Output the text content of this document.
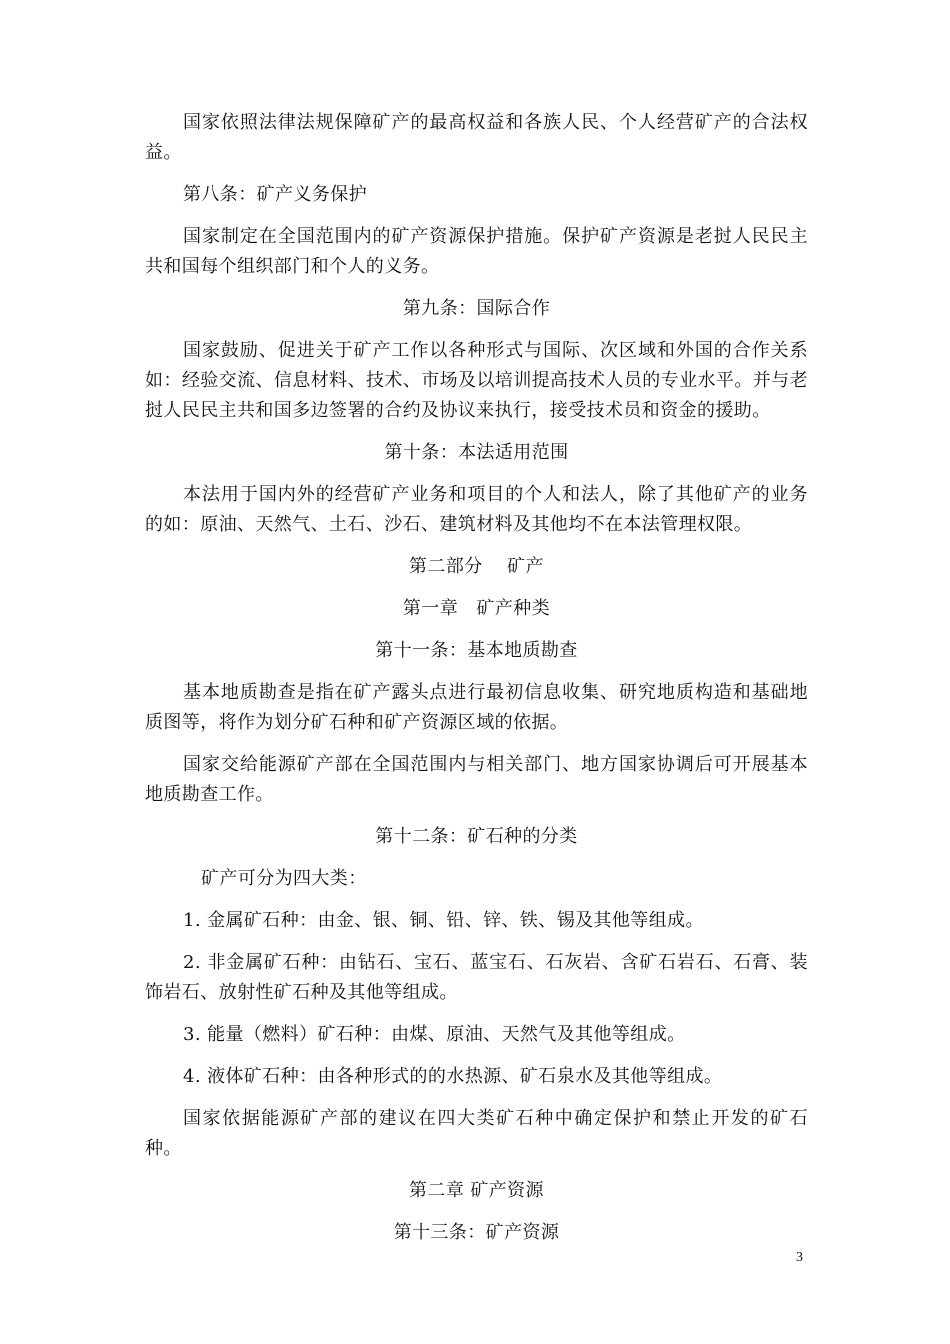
国家依照法律法规保障矿产的最高权益和各族人民、个人经营矿产的合法权益。

第八条：矿产义务保护

国家制定在全国范围内的矿产资源保护措施。保护矿产资源是老挝人民民主共和国每个组织部门和个人的义务。

第九条：国际合作

国家鼓励、促进关于矿产工作以各种形式与国际、次区域和外国的合作关系如：经验交流、信息材料、技术、市场及以培训提高技术人员的专业水平。并与老挝人民民主共和国多边签署的合约及协议来执行，接受技术员和资金的援助。

第十条：本法适用范围

本法用于国内外的经营矿产业务和项目的个人和法人，除了其他矿产的业务的如：原油、天然气、土石、沙石、建筑材料及其他均不在本法管理权限。

第二部分　 矿产

第一章　矿产种类

第十一条：基本地质勘查

基本地质勘查是指在矿产露头点进行最初信息收集、研究地质构造和基础地质图等，将作为划分矿石种和矿产资源区域的依据。

国家交给能源矿产部在全国范围内与相关部门、地方国家协调后可开展基本地质勘查工作。

第十二条：矿石种的分类

矿产可分为四大类：

1. 金属矿石种：由金、银、铜、铅、锌、铁、锡及其他等组成。

2. 非金属矿石种：由钻石、宝石、蓝宝石、石灰岩、含矿石岩石、石膏、装饰岩石、放射性矿石种及其他等组成。

3. 能量（燃料）矿石种：由煤、原油、天然气及其他等组成。

4. 液体矿石种：由各种形式的的水热源、矿石泉水及其他等组成。

国家依据能源矿产部的建议在四大类矿石种中确定保护和禁止开发的矿石种。

第二章 矿产资源

第十三条：矿产资源

3
